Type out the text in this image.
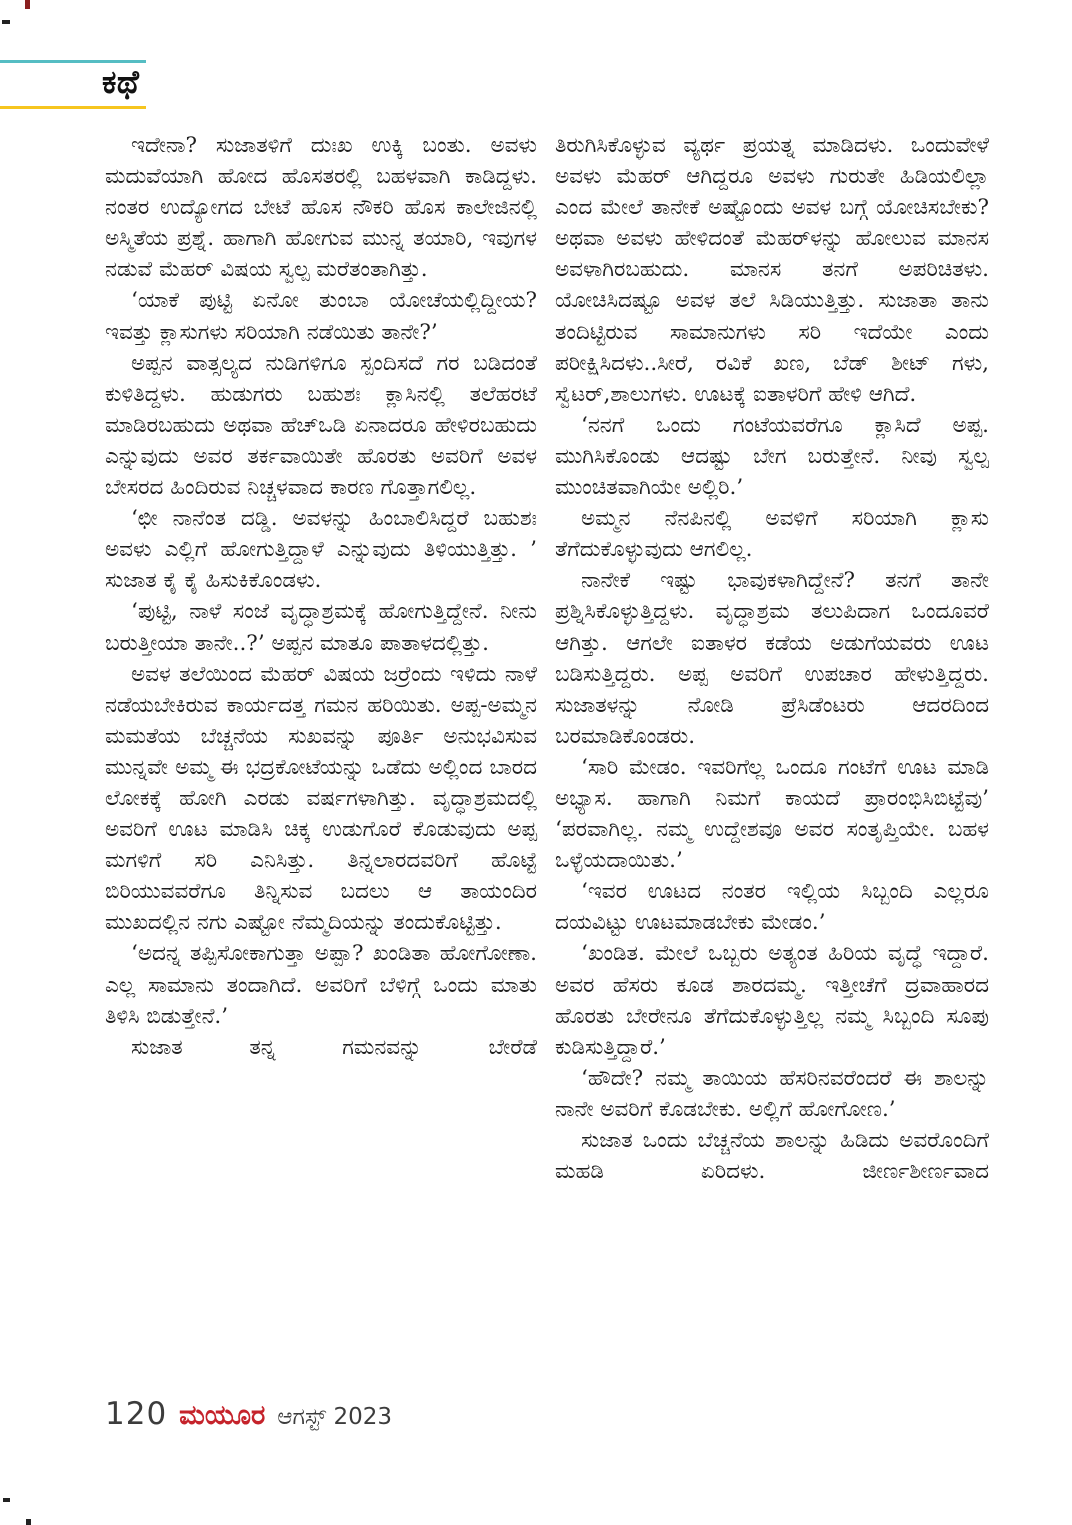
ಕಥೆ

ಇದೇನಾ? ಸುಜಾತಳಿಗೆ ದುಃಖ ಉಕ್ಕಿ ಬಂತು. ಅವಳು ಮದುವೆಯಾಗಿ ಹೋದ ಹೊಸತರಲ್ಲಿ ಬಹಳವಾಗಿ ಕಾಡಿದ್ದಳು. ನಂತರ ಉದ್ಯೋಗದ ಬೇಟೆ ಹೊಸ ನೌಕರಿ ಹೊಸ ಕಾಲೇಜಿನಲ್ಲಿ ಅಸ್ಮಿತೆಯ ಪ್ರಶ್ನೆ. ಹಾಗಾಗಿ ಹೋಗುವ ಮುನ್ನ ತಯಾರಿ, ಇವುಗಳ ನಡುವೆ ಮೆಹರ್ ವಿಷಯ ಸ್ವಲ್ಪ ಮರೆತಂತಾಗಿತ್ತು.

‘ಯಾಕೆ ಪುಟ್ಟಿ ಏನೋ ತುಂಬಾ ಯೋಚೆಯಲ್ಲಿದ್ದೀಯ? ಇವತ್ತು ಕ್ಲಾಸುಗಳು ಸರಿಯಾಗಿ ನಡೆಯಿತು ತಾನೇ?’

ಅಪ್ಪನ ವಾತ್ಸಲ್ಯದ ನುಡಿಗಳಿಗೂ ಸ್ಪಂದಿಸದೆ ಗರ ಬಡಿದಂತೆ ಕುಳಿತಿದ್ದಳು. ಹುಡುಗರು ಬಹುಶಃ ಕ್ಲಾಸಿನಲ್ಲಿ ತಲೆಹರಟೆ ಮಾಡಿರಬಹುದು ಅಥವಾ ಹೆಚ್‌ಒಡಿ ಏನಾದರೂ ಹೇಳಿರಬಹುದು ಎನ್ನುವುದು ಅವರ ತರ್ಕವಾಯಿತೇ ಹೊರತು ಅವರಿಗೆ ಅವಳ ಬೇಸರದ ಹಿಂದಿರುವ ನಿಚ್ಚಳವಾದ ಕಾರಣ ಗೊತ್ತಾಗಲಿಲ್ಲ.

‘ಛೀ ನಾನೆಂತ ದಡ್ಡಿ. ಅವಳನ್ನು ಹಿಂಬಾಲಿಸಿದ್ದರೆ ಬಹುಶಃ ಅವಳು ಎಲ್ಲಿಗೆ ಹೋಗುತ್ತಿದ್ದಾಳೆ ಎನ್ನುವುದು ತಿಳಿಯುತ್ತಿತ್ತು. ’ ಸುಜಾತ ಕೈ ಕೈ ಹಿಸುಕಿಕೊಂಡಳು.

‘ಪುಟ್ಟಿ, ನಾಳೆ ಸಂಜೆ ವೃದ್ಧಾಶ್ರಮಕ್ಕೆ ಹೋಗುತ್ತಿದ್ದೇನೆ. ನೀನು ಬರುತ್ತೀಯಾ ತಾನೇ..?’ ಅಪ್ಪನ ಮಾತೂ ಪಾತಾಳದಲ್ಲಿತ್ತು.

ಅವಳ ತಲೆಯಿಂದ ಮೆಹರ್ ವಿಷಯ ಜರ್ರೆಂದು ಇಳಿದು ನಾಳೆ ನಡೆಯಬೇಕಿರುವ ಕಾರ್ಯದತ್ತ ಗಮನ ಹರಿಯಿತು. ಅಪ್ಪ-ಅಮ್ಮನ ಮಮತೆಯ ಬೆಚ್ಚನೆಯ ಸುಖವನ್ನು ಪೂರ್ತಿ ಅನುಭವಿಸುವ ಮುನ್ನವೇ ಅಮ್ಮ ಈ ಭದ್ರಕೋಟೆಯನ್ನು ಒಡೆದು ಅಲ್ಲಿಂದ ಬಾರದ ಲೋಕಕ್ಕೆ ಹೋಗಿ ಎರಡು ವರ್ಷಗಳಾಗಿತ್ತು. ವೃದ್ಧಾಶ್ರಮದಲ್ಲಿ ಅವರಿಗೆ ಊಟ ಮಾಡಿಸಿ ಚಿಕ್ಕ ಉಡುಗೊರೆ ಕೊಡುವುದು ಅಪ್ಪ ಮಗಳಿಗೆ ಸರಿ ಎನಿಸಿತ್ತು. ತಿನ್ನಲಾರದವರಿಗೆ ಹೊಟ್ಟೆ ಬಿರಿಯುವವರೆಗೂ ತಿನ್ನಿಸುವ ಬದಲು ಆ ತಾಯಂದಿರ ಮುಖದಲ್ಲಿನ ನಗು ಎಷ್ಟೋ ನೆಮ್ಮದಿಯನ್ನು ತಂದುಕೊಟ್ಟಿತ್ತು.

‘ಅದನ್ನ ತಪ್ಪಿಸೋಕಾಗುತ್ತಾ ಅಪ್ಪಾ? ಖಂಡಿತಾ ಹೋಗೋಣಾ. ಎಲ್ಲ ಸಾಮಾನು ತಂದಾಗಿದೆ. ಅವರಿಗೆ ಬೆಳಿಗ್ಗೆ ಒಂದು ಮಾತು ತಿಳಿಸಿ ಬಿಡುತ್ತೇನೆ.’

ಸುಜಾತ ತನ್ನ ಗಮನವನ್ನು ಬೇರೆಡೆ

ತಿರುಗಿಸಿಕೊಳ್ಳುವ ವ್ಯರ್ಥ ಪ್ರಯತ್ನ ಮಾಡಿದಳು. ಒಂದುವೇಳೆ ಅವಳು ಮೆಹರ್ ಆಗಿದ್ದರೂ ಅವಳು ಗುರುತೇ ಹಿಡಿಯಲಿಲ್ಲಾ ಎಂದ ಮೇಲೆ ತಾನೇಕೆ ಅಷ್ಟೊಂದು ಅವಳ ಬಗ್ಗೆ ಯೋಚಿಸಬೇಕು? ಅಥವಾ ಅವಳು ಹೇಳಿದಂತೆ ಮೆಹರ್‌ಳನ್ನು ಹೋಲುವ ಮಾನಸ ಅವಳಾಗಿರಬಹುದು. ಮಾನಸ ತನಗೆ ಅಪರಿಚಿತಳು. ಯೋಚಿಸಿದಷ್ಟೂ ಅವಳ ತಲೆ ಸಿಡಿಯುತ್ತಿತ್ತು. ಸುಜಾತಾ ತಾನು ತಂದಿಟ್ಟಿರುವ ಸಾಮಾನುಗಳು ಸರಿ ಇದೆಯೇ ಎಂದು ಪರೀಕ್ಷಿಸಿದಳು..ಸೀರೆ, ರವಿಕೆ ಖಣ, ಬೆಡ್ ಶೀಟ್ ಗಳು, ಸ್ವೆಟರ್,ಶಾಲುಗಳು. ಊಟಕ್ಕೆ ಐತಾಳರಿಗೆ ಹೇಳಿ ಆಗಿದೆ.

‘ನನಗೆ ಒಂದು ಗಂಟೆಯವರೆಗೂ ಕ್ಲಾಸಿದೆ ಅಪ್ಪ. ಮುಗಿಸಿಕೊಂಡು ಆದಷ್ಟು ಬೇಗ ಬರುತ್ತೇನೆ. ನೀವು ಸ್ವಲ್ಪ ಮುಂಚಿತವಾಗಿಯೇ ಅಲ್ಲಿರಿ.’

ಅಮ್ಮನ ನೆನಪಿನಲ್ಲಿ ಅವಳಿಗೆ ಸರಿಯಾಗಿ ಕ್ಲಾಸು ತೆಗೆದುಕೊಳ್ಳುವುದು ಆಗಲಿಲ್ಲ.

ನಾನೇಕೆ ಇಷ್ಟು ಭಾವುಕಳಾಗಿದ್ದೇನೆ? ತನಗೆ ತಾನೇ ಪ್ರಶ್ನಿಸಿಕೊಳ್ಳುತ್ತಿದ್ದಳು. ವೃದ್ಧಾಶ್ರಮ ತಲುಪಿದಾಗ ಒಂದೂವರೆ ಆಗಿತ್ತು. ಆಗಲೇ ಐತಾಳರ ಕಡೆಯ ಅಡುಗೆಯವರು ಊಟ ಬಡಿಸುತ್ತಿದ್ದರು. ಅಪ್ಪ ಅವರಿಗೆ ಉಪಚಾರ ಹೇಳುತ್ತಿದ್ದರು. ಸುಜಾತಳನ್ನು ನೋಡಿ ಪ್ರೆಸಿಡೆಂಟರು ಆದರದಿಂದ ಬರಮಾಡಿಕೊಂಡರು.

‘ಸಾರಿ ಮೇಡಂ. ಇವರಿಗೆಲ್ಲ ಒಂದೂ ಗಂಟೆಗೆ ಊಟ ಮಾಡಿ ಅಭ್ಯಾಸ. ಹಾಗಾಗಿ ನಿಮಗೆ ಕಾಯದೆ ಪ್ರಾರಂಭಿಸಿಬಿಟ್ಟೆವು’ ‘ಪರವಾಗಿಲ್ಲ. ನಮ್ಮ ಉದ್ದೇಶವೂ ಅವರ ಸಂತೃಪ್ತಿಯೇ. ಬಹಳ ಒಳ್ಳೆಯದಾಯಿತು.’

‘ಇವರ ಊಟದ ನಂತರ ಇಲ್ಲಿಯ ಸಿಬ್ಬಂದಿ ಎಲ್ಲರೂ ದಯವಿಟ್ಟು ಊಟಮಾಡಬೇಕು ಮೇಡಂ.’

‘ಖಂಡಿತ. ಮೇಲೆ ಒಬ್ಬರು ಅತ್ಯಂತ ಹಿರಿಯ ವೃದ್ಧೆ ಇದ್ದಾರೆ. ಅವರ ಹೆಸರು ಕೂಡ ಶಾರದಮ್ಮ. ಇತ್ತೀಚೆಗೆ ದ್ರವಾಹಾರದ ಹೊರತು ಬೇರೇನೂ ತೆಗೆದುಕೊಳ್ಳುತ್ತಿಲ್ಲ ನಮ್ಮ ಸಿಬ್ಬಂದಿ ಸೂಪು ಕುಡಿಸುತ್ತಿದ್ದಾರೆ.’

‘ಹೌದೇ? ನಮ್ಮ ತಾಯಿಯ ಹೆಸರಿನವರೆಂದರೆ ಈ ಶಾಲನ್ನು ನಾನೇ ಅವರಿಗೆ ಕೊಡಬೇಕು. ಅಲ್ಲಿಗೆ ಹೋಗೋಣ.’

ಸುಜಾತ ಒಂದು ಬೆಚ್ಚನೆಯ ಶಾಲನ್ನು ಹಿಡಿದು ಅವರೊಂದಿಗೆ ಮಹಡಿ ಏರಿದಳು. ಜೀರ್ಣಶೀರ್ಣವಾದ

120 ಮಯೂರ ಆಗಸ್ಟ್ 2023
